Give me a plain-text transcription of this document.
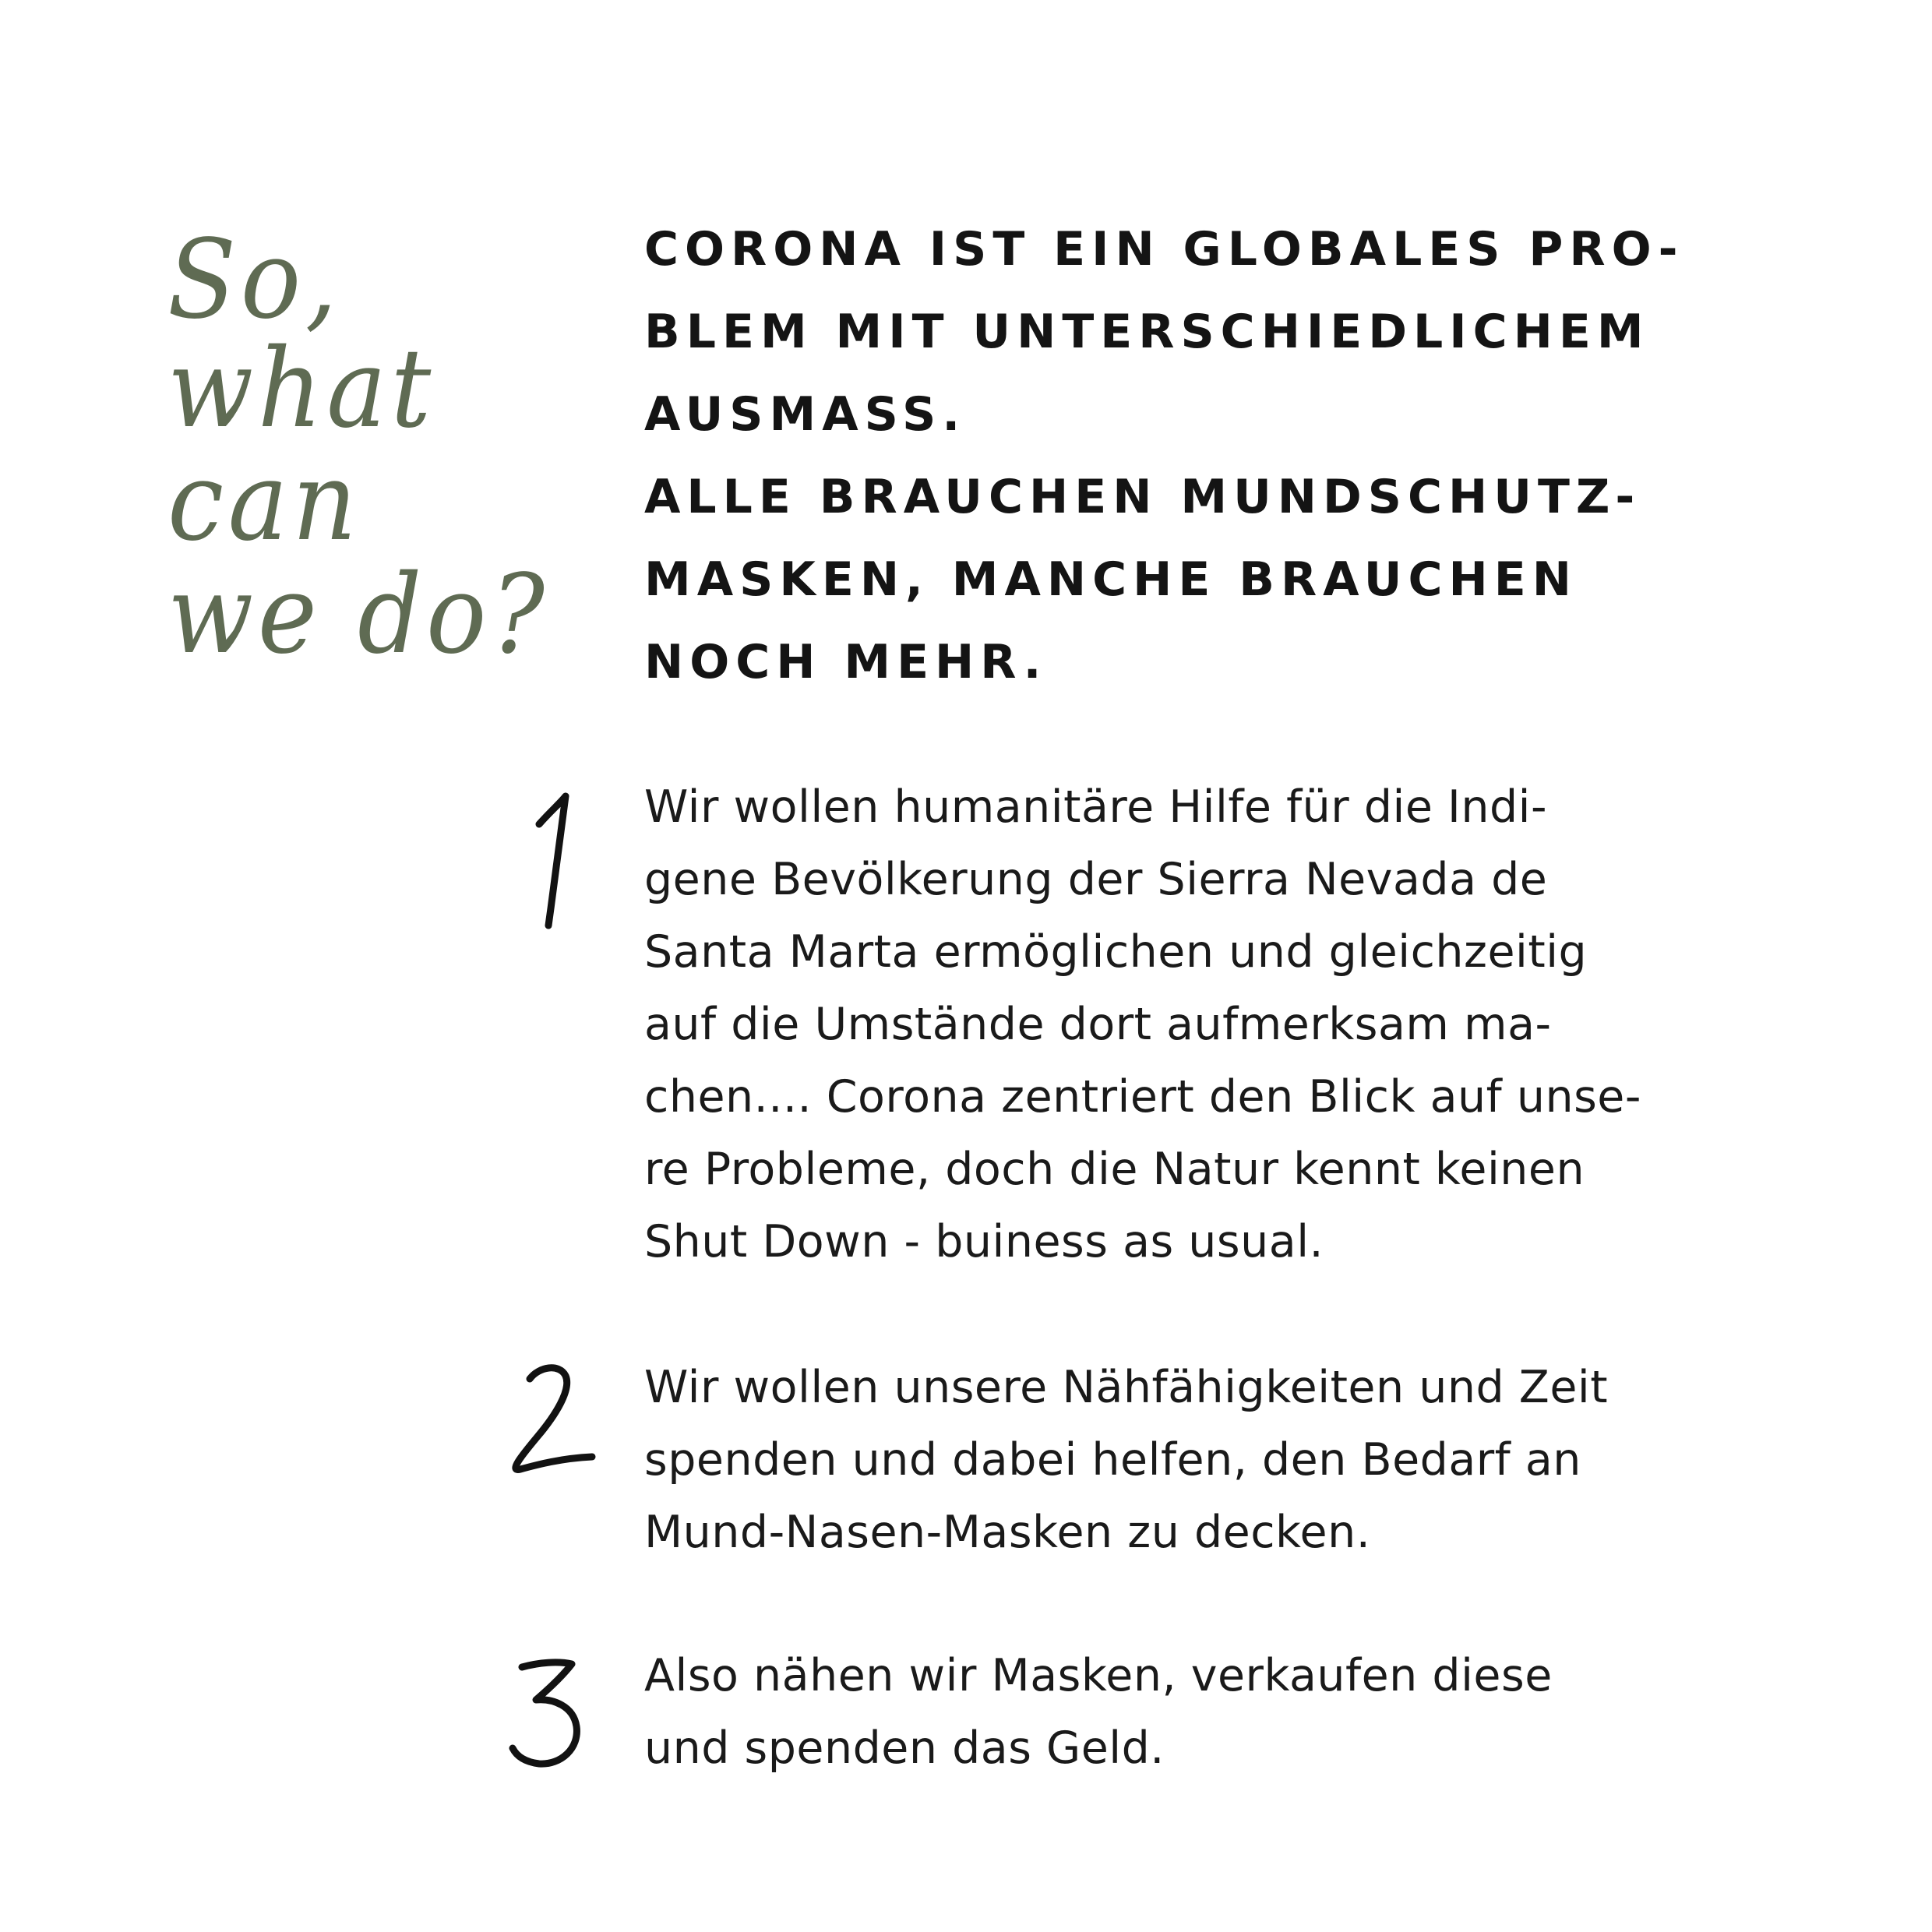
So,
what
can
we do?
CORONA IST EIN GLOBALES PRO-
BLEM MIT UNTERSCHIEDLICHEM
AUSMASS.
ALLE BRAUCHEN MUNDSCHUTZ-
MASKEN, MANCHE BRAUCHEN
NOCH MEHR.
Wir wollen humanitäre Hilfe für die Indi-
gene Bevölkerung der Sierra Nevada de
Santa Marta ermöglichen und gleichzeitig
auf die Umstände dort aufmerksam ma-
chen.... Corona zentriert den Blick auf unse-
re Probleme, doch die Natur kennt keinen
Shut Down - buiness as usual.
Wir wollen unsere Nähfähigkeiten und Zeit
spenden und dabei helfen, den Bedarf an
Mund-Nasen-Masken zu decken.
Also nähen wir Masken, verkaufen diese
und spenden das Geld.
